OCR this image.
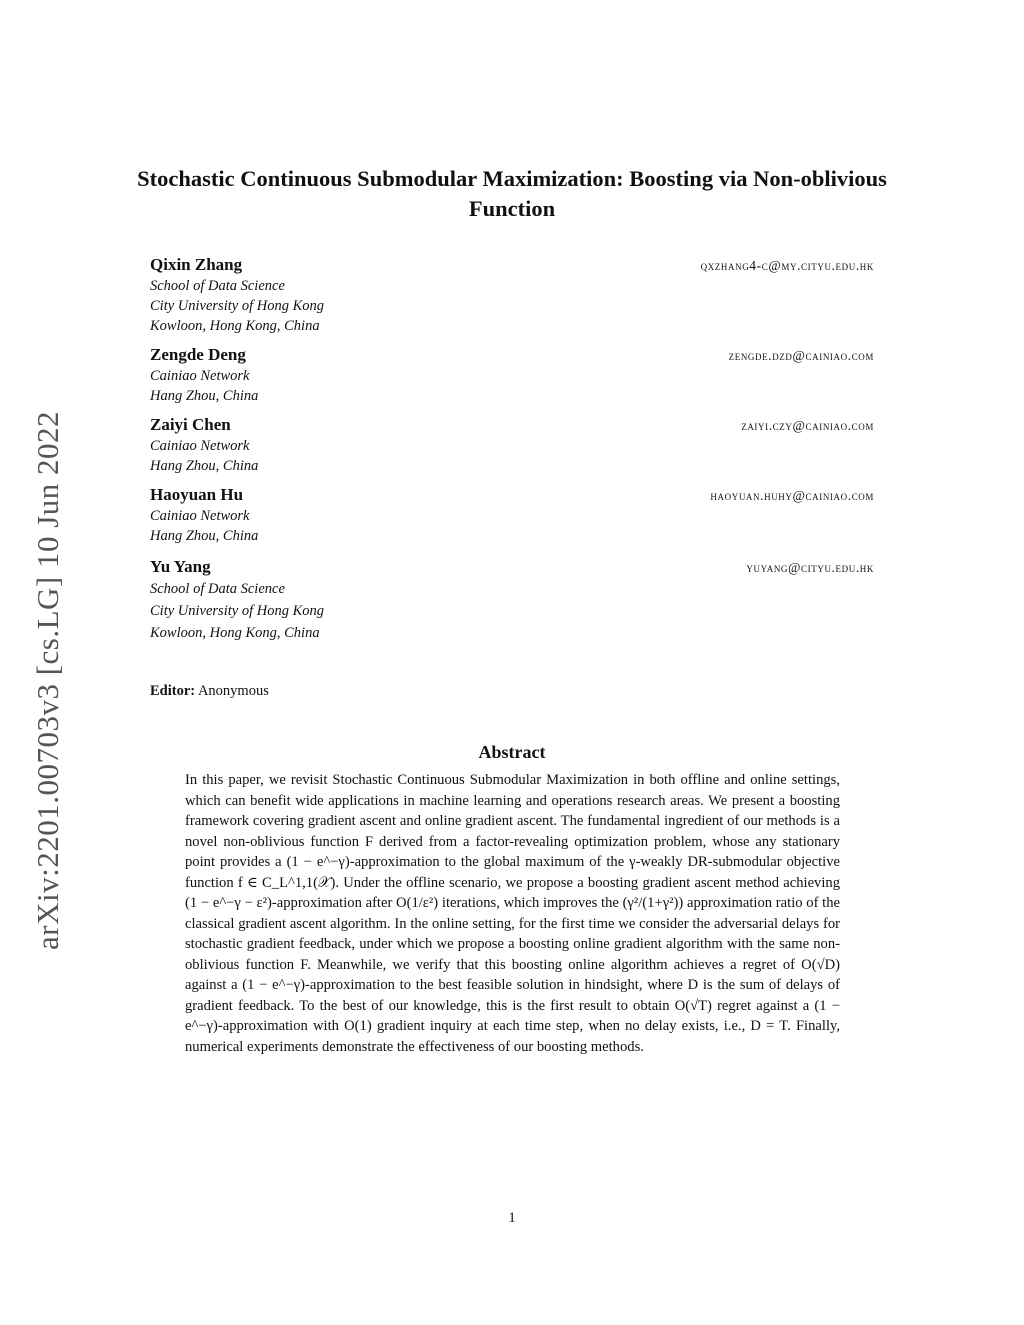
arXiv:2201.00703v3 [cs.LG] 10 Jun 2022
Stochastic Continuous Submodular Maximization: Boosting via Non-oblivious Function
Qixin Zhang	qxzhang4-c@my.cityu.edu.hk
School of Data Science
City University of Hong Kong
Kowloon, Hong Kong, China
Zengde Deng	zengde.dzd@cainiao.com
Cainiao Network
Hang Zhou, China
Zaiyi Chen	zaiyi.czy@cainiao.com
Cainiao Network
Hang Zhou, China
Haoyuan Hu	haoyuan.huhy@cainiao.com
Cainiao Network
Hang Zhou, China
Yu Yang	yuyang@cityu.edu.hk
School of Data Science
City University of Hong Kong
Kowloon, Hong Kong, China
Editor: Anonymous
Abstract
In this paper, we revisit Stochastic Continuous Submodular Maximization in both offline and online settings, which can benefit wide applications in machine learning and operations research areas. We present a boosting framework covering gradient ascent and online gradient ascent. The fundamental ingredient of our methods is a novel non-oblivious function F derived from a factor-revealing optimization problem, whose any stationary point provides a (1 − e^−γ)-approximation to the global maximum of the γ-weakly DR-submodular objective function f ∈ C_L^1,1(𝒳). Under the offline scenario, we propose a boosting gradient ascent method achieving (1 − e^−γ − ε²)-approximation after O(1/ε²) iterations, which improves the (γ²/(1+γ²)) approximation ratio of the classical gradient ascent algorithm. In the online setting, for the first time we consider the adversarial delays for stochastic gradient feedback, under which we propose a boosting online gradient algorithm with the same non-oblivious function F. Meanwhile, we verify that this boosting online algorithm achieves a regret of O(√D) against a (1 − e^−γ)-approximation to the best feasible solution in hindsight, where D is the sum of delays of gradient feedback. To the best of our knowledge, this is the first result to obtain O(√T) regret against a (1 − e^−γ)-approximation with O(1) gradient inquiry at each time step, when no delay exists, i.e., D = T. Finally, numerical experiments demonstrate the effectiveness of our boosting methods.
1
